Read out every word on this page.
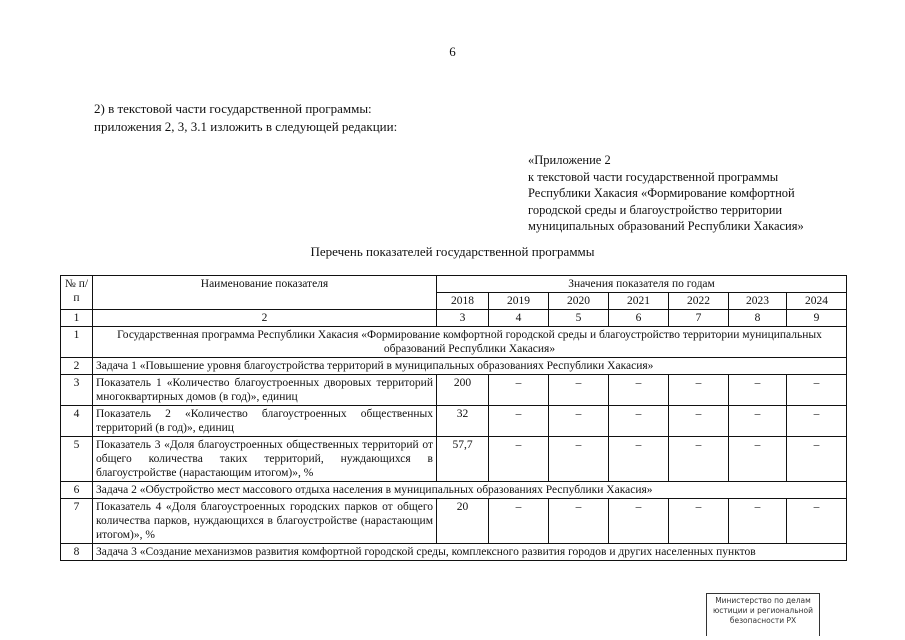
6
2) в текстовой части государственной программы:
приложения 2, 3, 3.1 изложить в следующей редакции:
«Приложение 2
к текстовой части государственной программы
Республики Хакасия «Формирование комфортной
городской среды и благоустройство территории
муниципальных образований Республики Хакасия»
Перечень показателей государственной программы
№ п/п	Наименование показателя	Значения показателя по годам						
		2018	2019	2020	2021	2022	2023	2024
1	2	3	4	5	6	7	8	9
1	Государственная программа Республики Хакасия «Формирование комфортной городской среды и благоустройство территории муниципальных образований Республики Хакасия»							
2	Задача 1 «Повышение уровня благоустройства территорий в муниципальных образованиях Республики Хакасия»							
3	Показатель 1 «Количество благоустроенных дворовых территорий многоквартирных домов (в год)», единиц	200	–	–	–	–	–	–
4	Показатель 2 «Количество благоустроенных общественных территорий (в год)», единиц	32	–	–	–	–	–	–
5	Показатель 3 «Доля благоустроенных общественных территорий от общего количества таких территорий, нуждающихся в благоустройстве (нарастающим итогом)», %	57,7	–	–	–	–	–	–
6	Задача 2 «Обустройство мест массового отдыха населения в муниципальных образованиях Республики Хакасия»							
7	Показатель 4 «Доля благоустроенных городских парков от общего количества парков, нуждающихся в благоустройстве (нарастающим итогом)», %	20	–	–	–	–	–	–
8	Задача 3 «Создание механизмов развития комфортной городской среды, комплексного развития городов и других населенных пунктов							
Министерство по делам
юстиции и региональной
безопасности РХ
